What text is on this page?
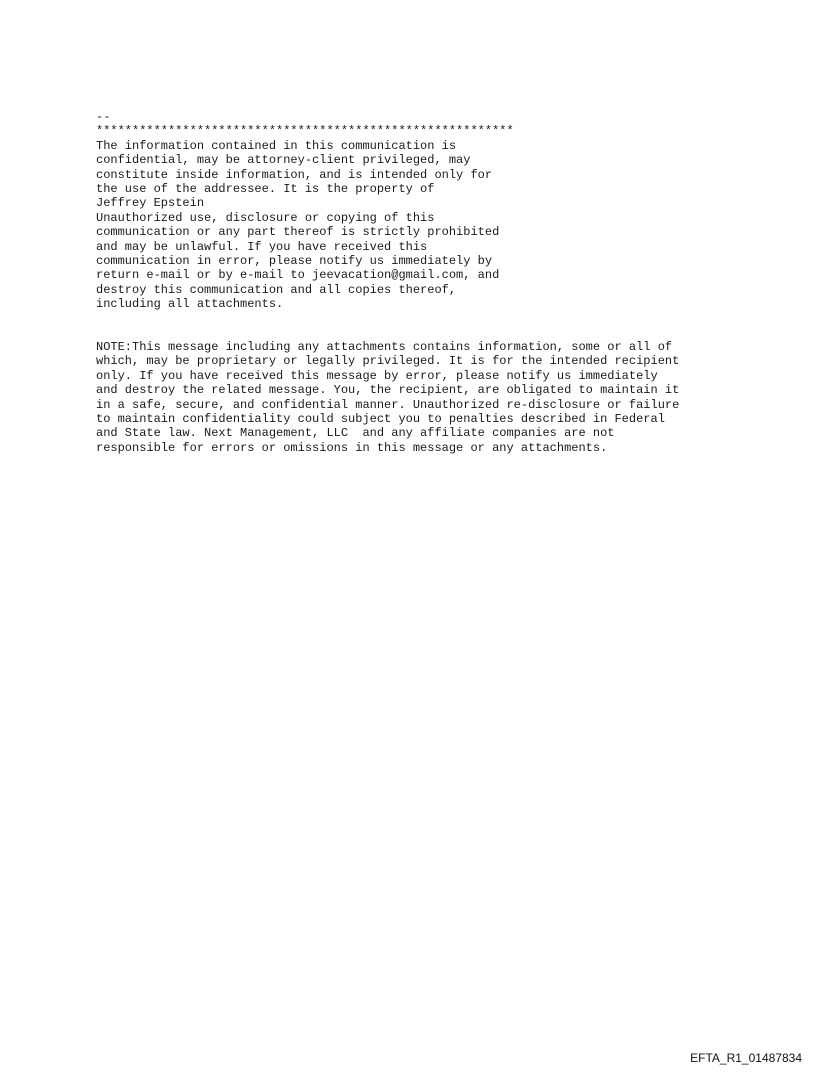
--
**********************************************************
The information contained in this communication is
confidential, may be attorney-client privileged, may
constitute inside information, and is intended only for
the use of the addressee. It is the property of
Jeffrey Epstein
Unauthorized use, disclosure or copying of this
communication or any part thereof is strictly prohibited
and may be unlawful. If you have received this
communication in error, please notify us immediately by
return e-mail or by e-mail to jeevacation@gmail.com, and
destroy this communication and all copies thereof,
including all attachments.
NOTE:This message including any attachments contains information, some or all of
which, may be proprietary or legally privileged. It is for the intended recipient
only. If you have received this message by error, please notify us immediately
and destroy the related message. You, the recipient, are obligated to maintain it
in a safe, secure, and confidential manner. Unauthorized re-disclosure or failure
to maintain confidentiality could subject you to penalties described in Federal
and State law. Next Management, LLC  and any affiliate companies are not
responsible for errors or omissions in this message or any attachments.
EFTA_R1_01487834
